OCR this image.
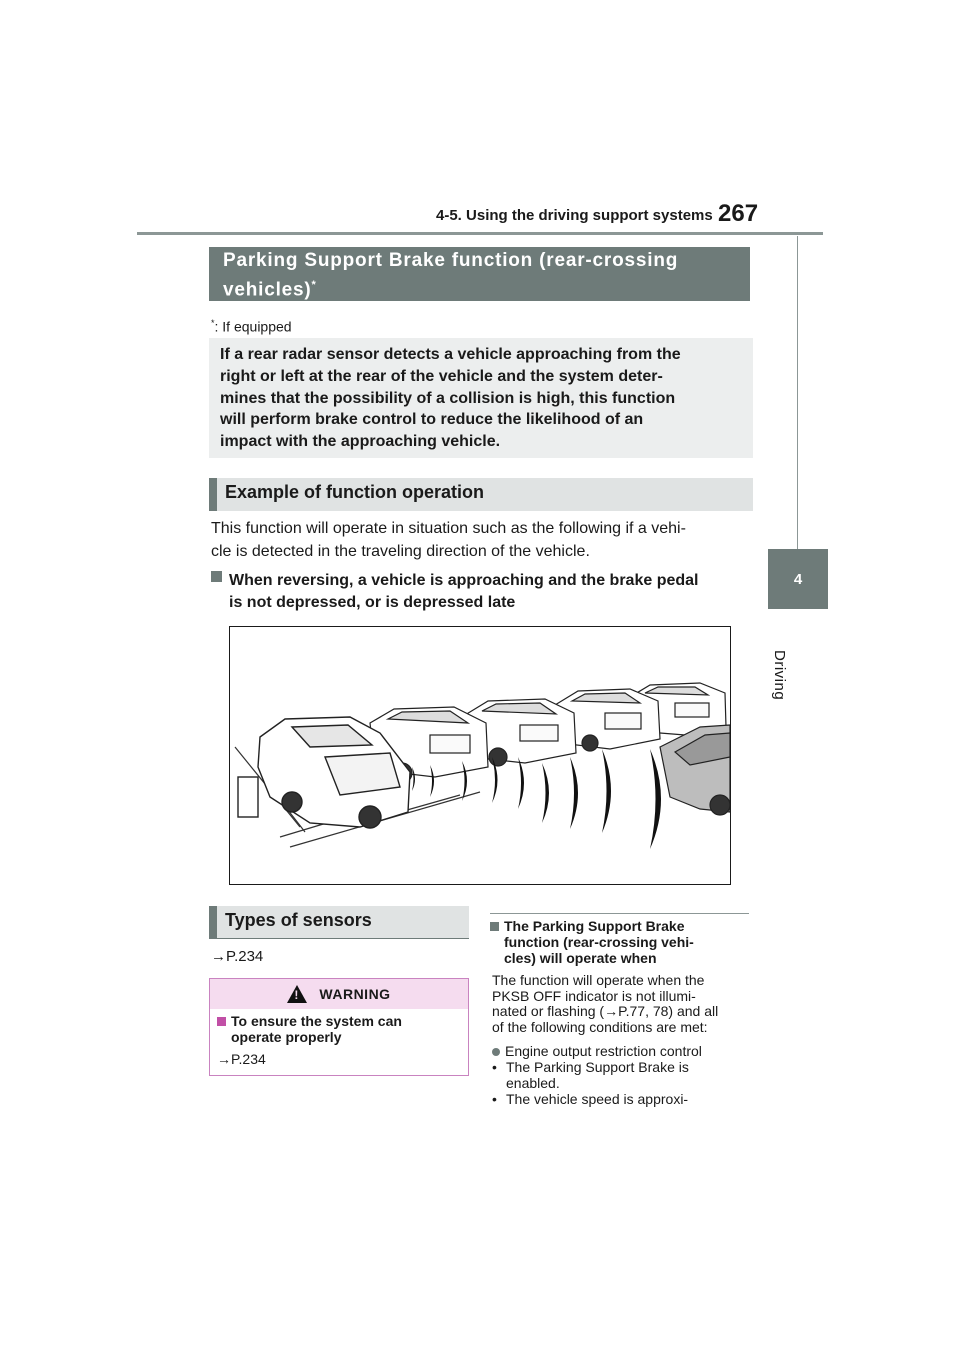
4-5. Using the driving support systems 267
4
Driving
Parking Support Brake function (rear-crossing
vehicles)*
*: If equipped
If a rear radar sensor detects a vehicle approaching from the
right or left at the rear of the vehicle and the system deter-
mines that the possibility of a collision is high, this function
will perform brake control to reduce the likelihood of an
impact with the approaching vehicle.
Example of function operation
This function will operate in situation such as the following if a vehi-
cle is detected in the traveling direction of the vehicle.
When reversing, a vehicle is approaching and the brake pedal
is not depressed, or is depressed late
Types of sensors
→P.234
! WARNING
To ensure the system can
operate properly
→P.234
The Parking Support Brake
function (rear-crossing vehi-
cles) will operate when
The function will operate when the
PKSB OFF indicator is not illumi-
nated or flashing (→P.77, 78) and all
of the following conditions are met:
Engine output restriction control
• The Parking Support Brake is
enabled.
• The vehicle speed is approxi-
